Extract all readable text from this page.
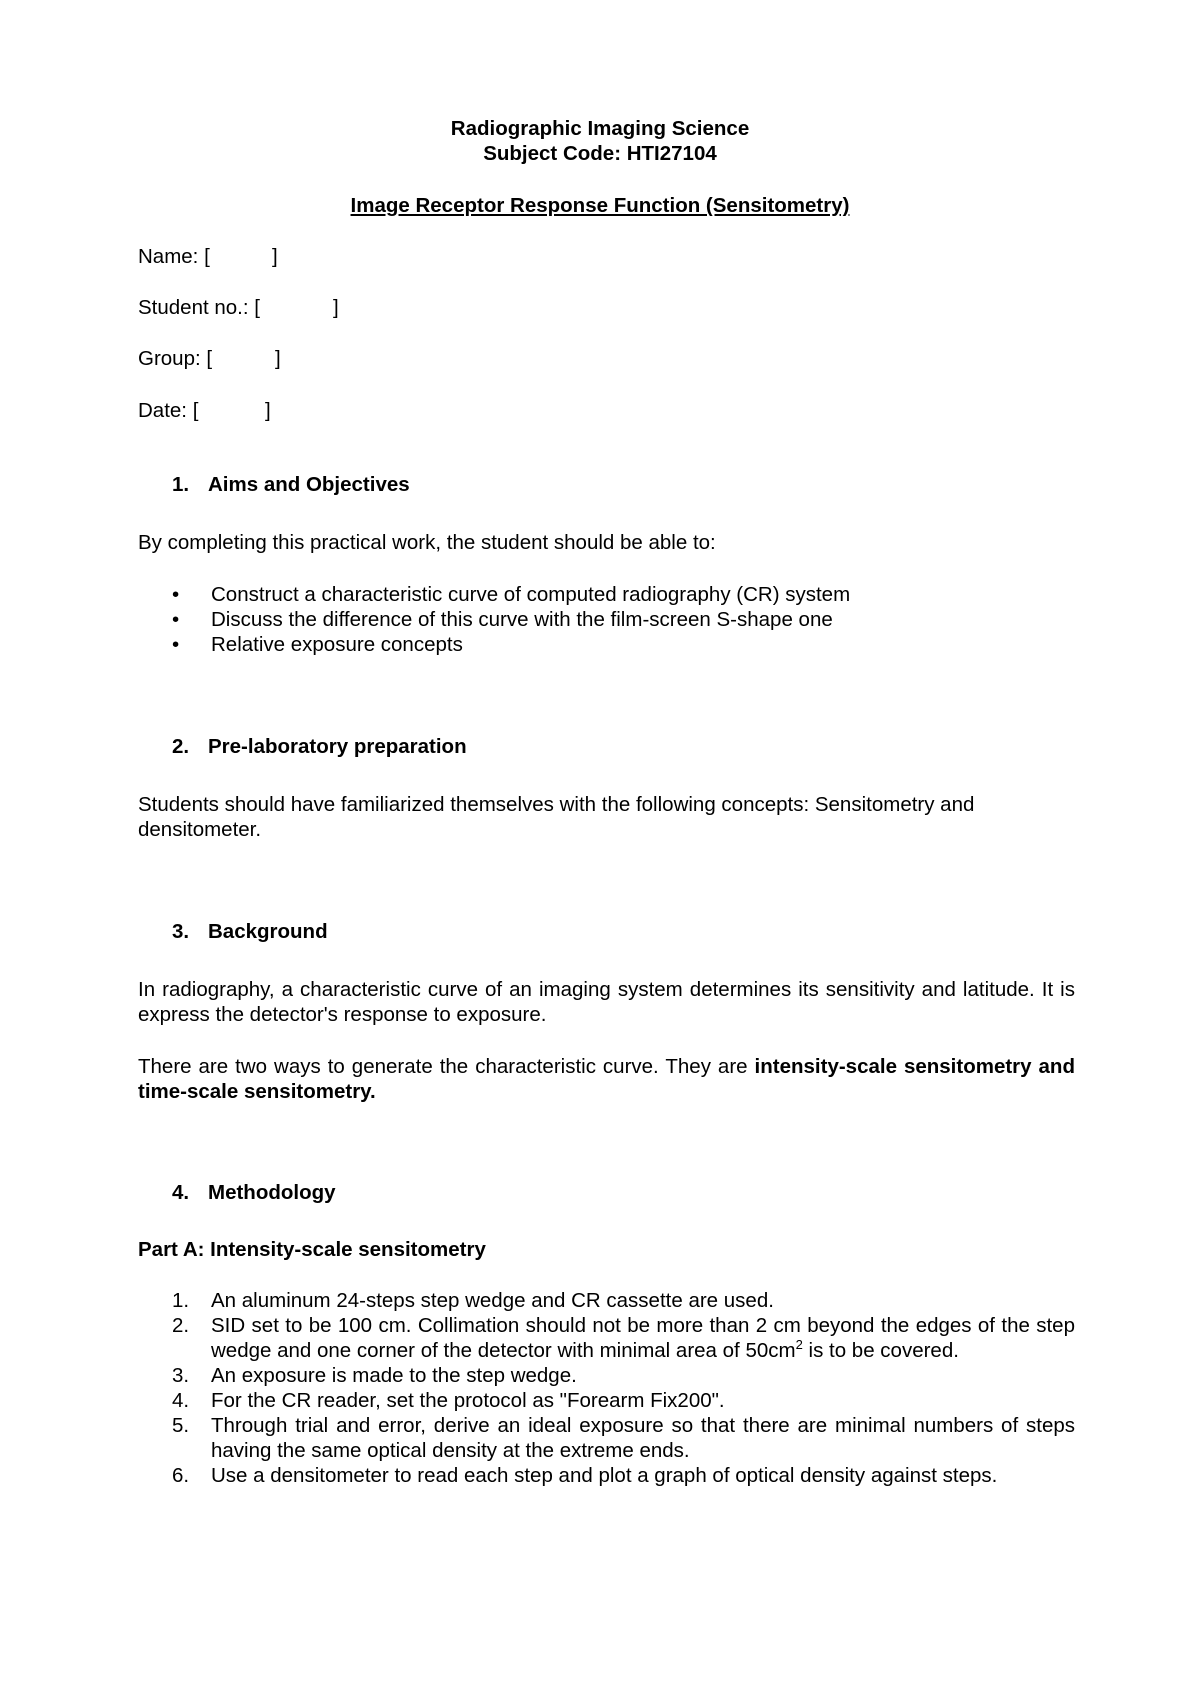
Radiographic Imaging Science
Subject Code: HTI27104
Image Receptor Response Function (Sensitometry)
Name: [	]
Student no.: [	]
Group: [	]
Date: [	]
1. Aims and Objectives
By completing this practical work, the student should be able to:
• Construct a characteristic curve of computed radiography (CR) system
• Discuss the difference of this curve with the film-screen S-shape one
• Relative exposure concepts
2. Pre-laboratory preparation
Students should have familiarized themselves with the following concepts: Sensitometry and densitometer.
3. Background
In radiography, a characteristic curve of an imaging system determines its sensitivity and latitude. It is express the detector's response to exposure.
There are two ways to generate the characteristic curve. They are intensity-scale sensitometry and time-scale sensitometry.
4. Methodology
Part A: Intensity-scale sensitometry
1. An aluminum 24-steps step wedge and CR cassette are used.
2. SID set to be 100 cm. Collimation should not be more than 2 cm beyond the edges of the step wedge and one corner of the detector with minimal area of $50cm^2$ is to be covered.
3. An exposure is made to the step wedge.
4. For the CR reader, set the protocol as "Forearm Fix200".
5. Through trial and error, derive an ideal exposure so that there are minimal numbers of steps having the same optical density at the extreme ends.
6. Use a densitometer to read each step and plot a graph of optical density against steps.
